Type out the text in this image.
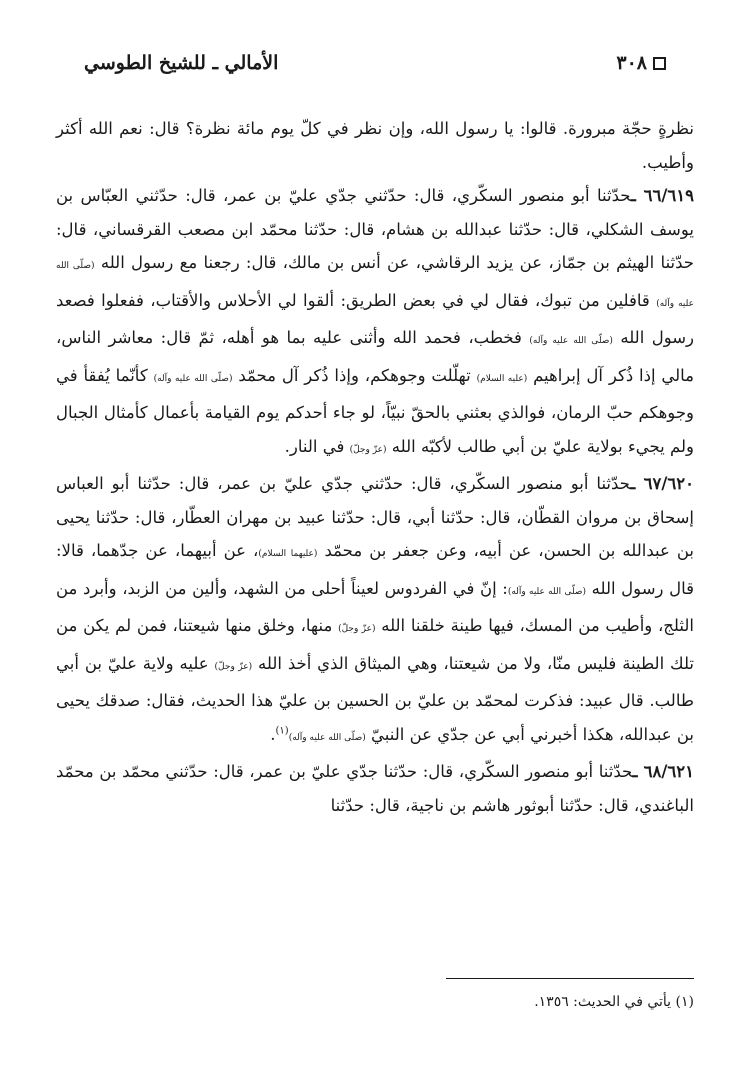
٣٠٨
الأمالي ـ للشيخ الطوسي

نظرةٍ حجّة مبرورة. قالوا: يا رسول الله، وإن نظر في كلّ يوم مائة نظرة؟ قال: نعم الله أكثر وأطيب.

٦٦/٦١٩ ـحدّثنا أبو منصور السكّري، قال: حدّثني جدّي عليّ بن عمر، قال: حدّثني العبّاس بن يوسف الشكلي، قال: حدّثنا عبدالله بن هشام، قال: حدّثنا محمّد ابن مصعب القرقساني، قال: حدّثنا الهيثم بن جمّاز، عن يزيد الرقاشي، عن أنس بن مالك، قال: رجعنا مع رسول الله (صلّى الله عليه وآله) قافلين من تبوك، فقال لي في بعض الطريق: ألقوا لي الأحلاس والأقتاب، ففعلوا فصعد رسول الله (صلّى الله عليه وآله) فخطب، فحمد الله وأثنى عليه بما هو أهله، ثمّ قال: معاشر الناس، مالي إذا ذُكر آل إبراهيم (عليه السلام) تهلّلت وجوهكم، وإذا ذُكر آل محمّد (صلّى الله عليه وآله) كأنّما يُفقأ في وجوهكم حبّ الرمان، فوالذي بعثني بالحقّ نبيّاً، لو جاء أحدكم يوم القيامة بأعمال كأمثال الجبال ولم يجيء بولاية عليّ بن أبي طالب لأكبّه الله (عزّ وجلّ) في النار.

٦٧/٦٢٠ ـحدّثنا أبو منصور السكّري، قال: حدّثني جدّي عليّ بن عمر، قال: حدّثنا أبو العباس إسحاق بن مروان القطّان، قال: حدّثنا أبي، قال: حدّثنا عبيد بن مهران العطّار، قال: حدّثنا يحيى بن عبدالله بن الحسن، عن أبيه، وعن جعفر بن محمّد (عليهما السلام)، عن أبيهما، عن جدّهما، قالا: قال رسول الله (صلّى الله عليه وآله): إنّ في الفردوس لعيناً أحلى من الشهد، وألين من الزبد، وأبرد من الثلج، وأطيب من المسك، فيها طينة خلقنا الله (عزّ وجلّ) منها، وخلق منها شيعتنا، فمن لم يكن من تلك الطينة فليس منّا، ولا من شيعتنا، وهي الميثاق الذي أخذ الله (عزّ وجلّ) عليه ولاية عليّ بن أبي طالب. قال عبيد: فذكرت لمحمّد بن عليّ بن الحسين بن عليّ هذا الحديث، فقال: صدقك يحيى بن عبدالله، هكذا أخبرني أبي عن جدّي عن النبيّ (صلّى الله عليه وآله)$^{(١)}$.

٦٨/٦٢١ ـحدّثنا أبو منصور السكّري، قال: حدّثنا جدّي عليّ بن عمر، قال: حدّثني محمّد بن محمّد الباغندي، قال: حدّثنا أبوثور هاشم بن ناجية، قال: حدّثنا

(١) يأتي في الحديث: ١٣٥٦.
